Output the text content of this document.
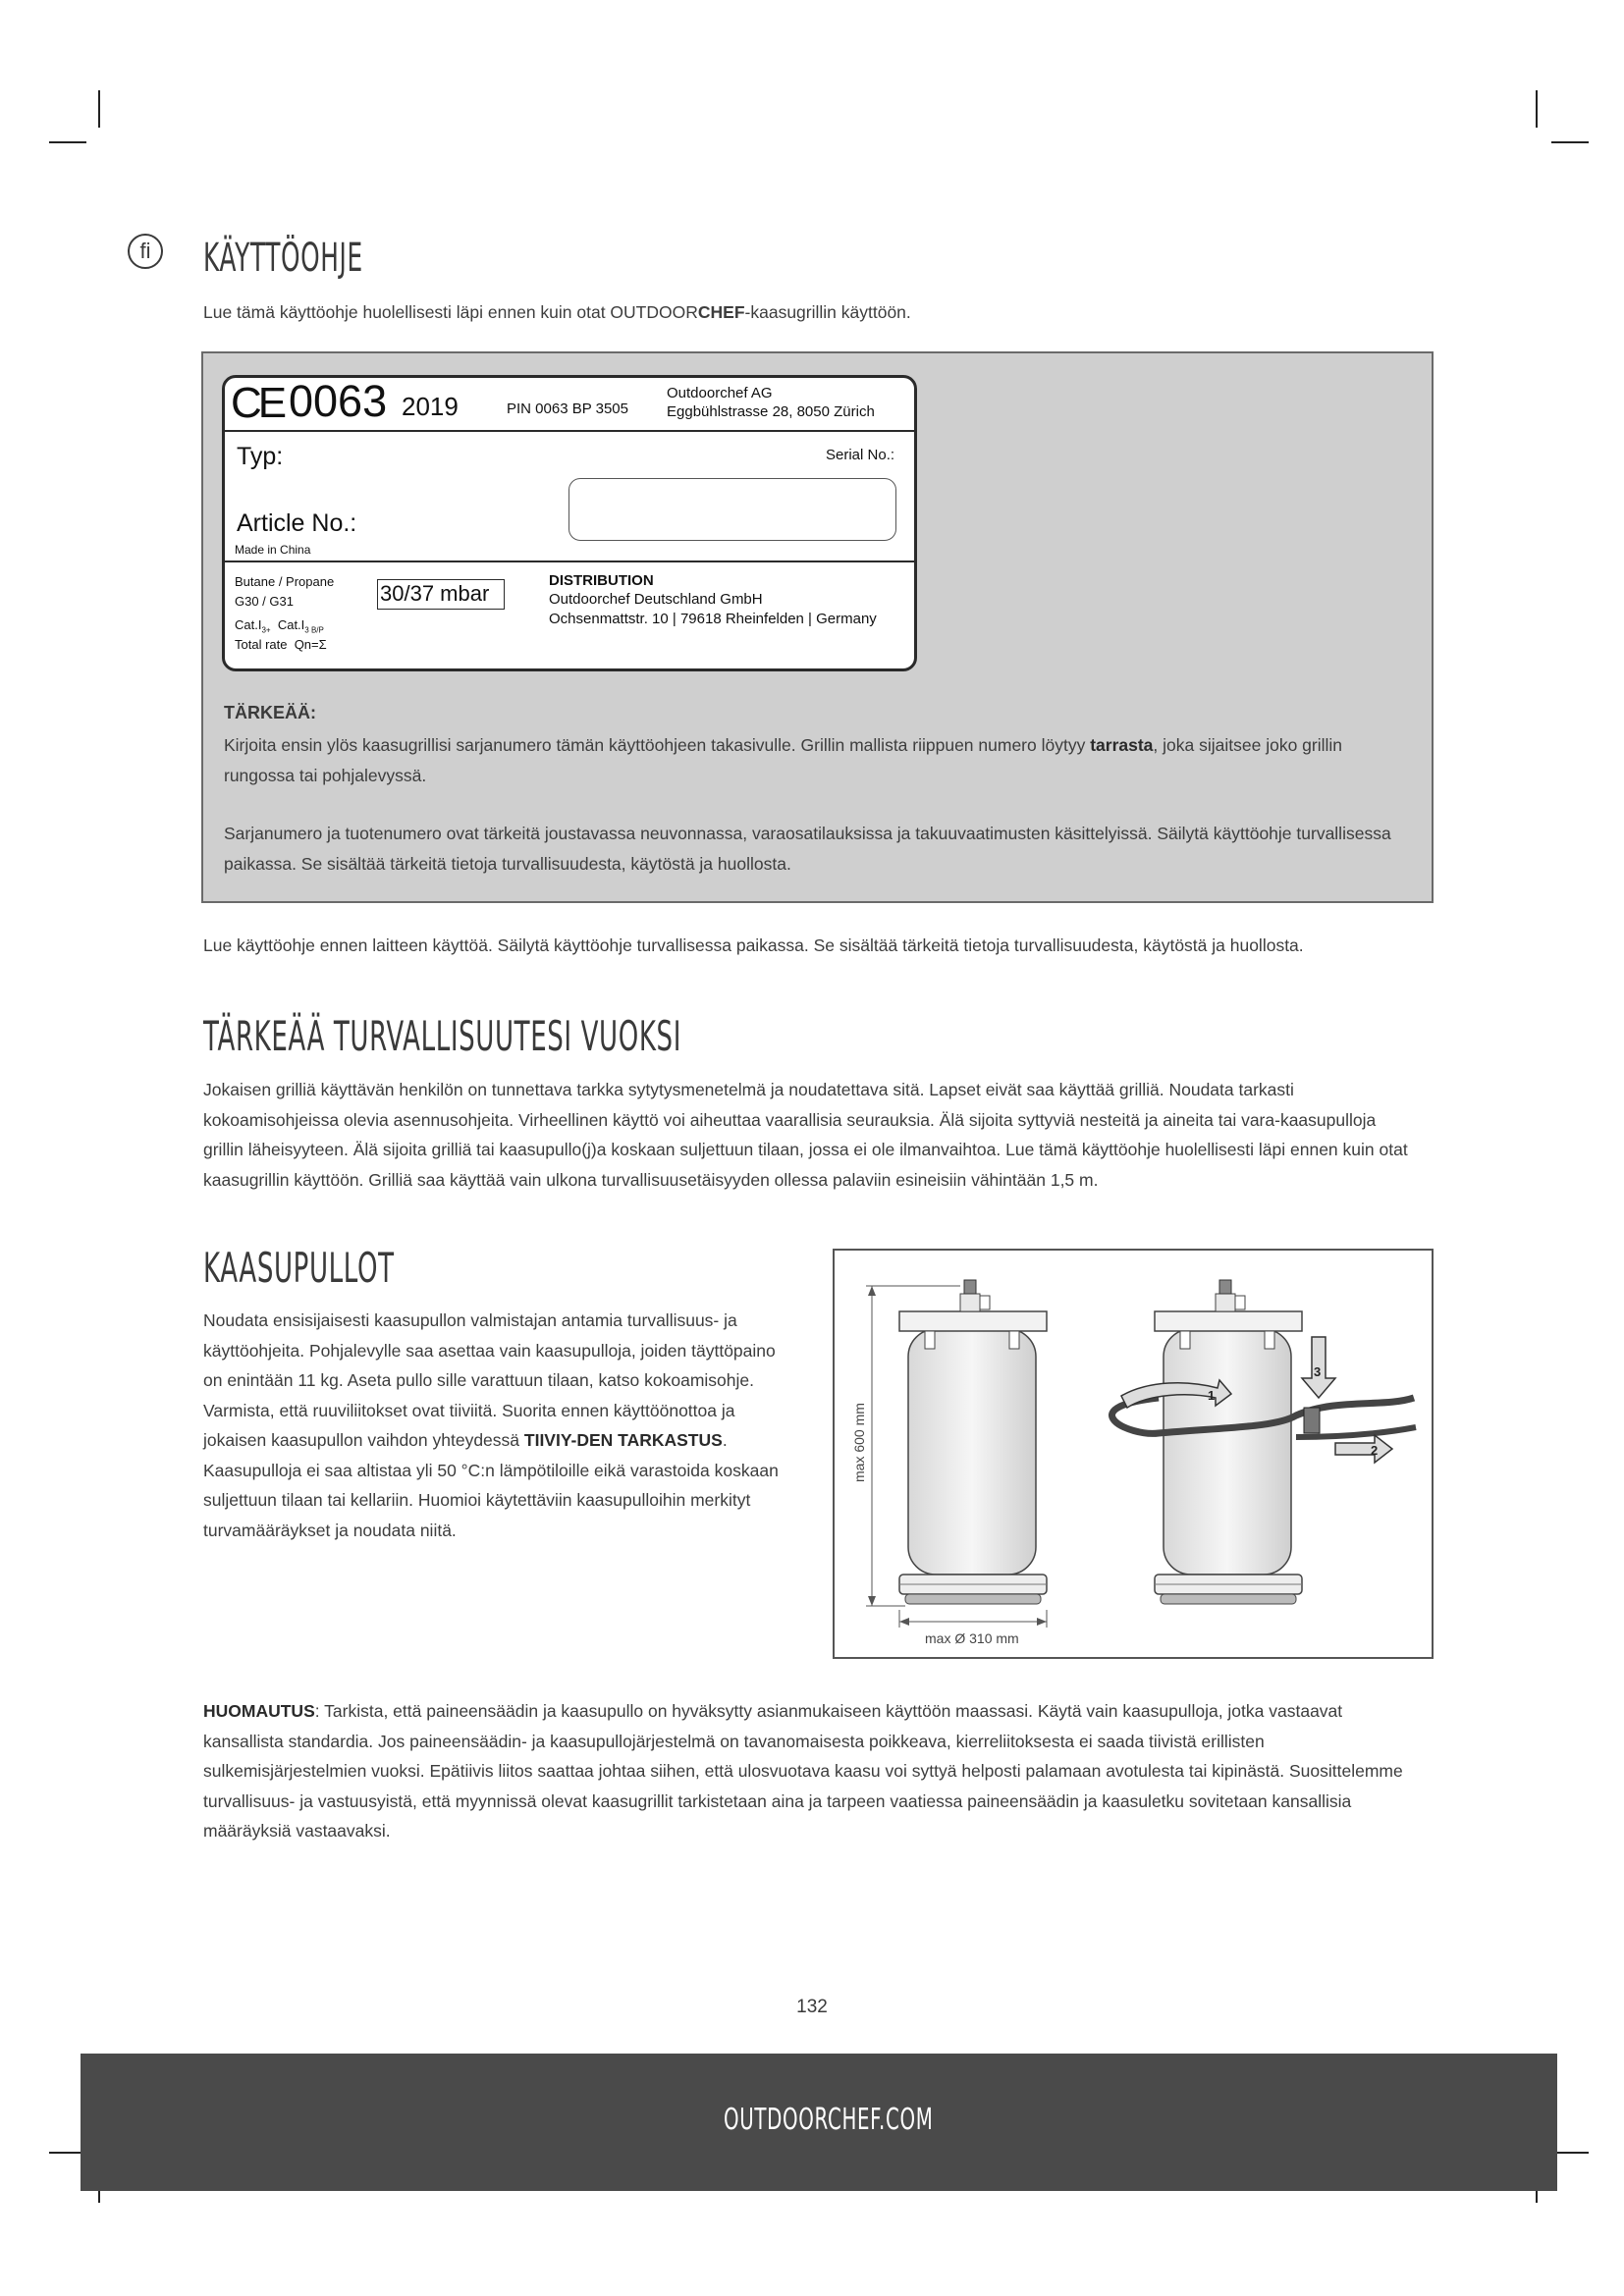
fi KÄYTTÖOHJE
Lue tämä käyttöohje huolellisesti läpi ennen kuin otat OUTDOORCHEF-kaasugrillin käyttöön.
CE 0063 2019	PIN 0063 BP 3505
Outdoorchef AG
Eggbühlstrasse 28, 8050 Zürich
Typ:	Serial No.:
Article No.:
Made in China
Butane / Propane
G30 / G31
$Cat.I_{3+}$ $Cat.I_{3 B/P}$
Total rate  Qn=Σ
30/37 mbar
DISTRIBUTION
Outdoorchef Deutschland GmbH
Ochsenmattstr. 10 | 79618 Rheinfelden | Germany
TÄRKEÄÄ:
Kirjoita ensin ylös kaasugrillisi sarjanumero tämän käyttöohjeen takasivulle. Grillin mallista riippuen numero löytyy tarrasta, joka sijaitsee joko grillin rungossa tai pohjalevyssä.
Sarjanumero ja tuotenumero ovat tärkeitä joustavassa neuvonnassa, varaosatilauksissa ja takuuvaatimusten käsittelyissä. Säilytä käyttöohje turvallisessa paikassa. Se sisältää tärkeitä tietoja turvallisuudesta, käytöstä ja huollosta.
Lue käyttöohje ennen laitteen käyttöä. Säilytä käyttöohje turvallisessa paikassa. Se sisältää tärkeitä tietoja turvallisuudesta, käytöstä ja huollosta.
TÄRKEÄÄ TURVALLISUUTESI VUOKSI
Jokaisen grilliä käyttävän henkilön on tunnettava tarkka sytytysmenetelmä ja noudatettava sitä. Lapset eivät saa käyttää grilliä. Noudata tarkasti kokoamisohjeissa olevia asennusohjeita. Virheellinen käyttö voi aiheuttaa vaarallisia seurauksia. Älä sijoita syttyviä nesteitä ja aineita tai vara-kaasupulloja grillin läheisyyteen. Älä sijoita grilliä tai kaasupullo(j)a koskaan suljettuun tilaan, jossa ei ole ilmanvaihtoa. Lue tämä käyttöohje huolellisesti läpi ennen kuin otat kaasugrillin käyttöön. Grilliä saa käyttää vain ulkona turvallisuusetäisyyden ollessa palaviin esineisiin vähintään 1,5 m.
KAASUPULLOT
Noudata ensisijaisesti kaasupullon valmistajan antamia turvallisuus- ja käyttöohjeita. Pohjalevylle saa asettaa vain kaasupulloja, joiden täyttöpaino on enintään 11 kg. Aseta pullo sille varattuun tilaan, katso kokoamisohje. Varmista, että ruuviliitokset ovat tiiviitä. Suorita ennen käyttöönottoa ja jokaisen kaasupullon vaihdon yhteydessä TIIVIY-DEN TARKASTUS. Kaasupulloja ei saa altistaa yli 50 °C:n lämpötiloille eikä varastoida koskaan suljettuun tilaan tai kellariin. Huomioi käytettäviin kaasupulloihin merkityt turvamääräykset ja noudata niitä.
max 600 mm
max Ø 310 mm
1
3
2
HUOMAUTUS: Tarkista, että paineensäädin ja kaasupullo on hyväksytty asianmukaiseen käyttöön maassasi. Käytä vain kaasupulloja, jotka vastaavat kansallista standardia. Jos paineensäädin- ja kaasupullojärjestelmä on tavanomaisesta poikkeava, kierreliitoksesta ei saada tiivistä erillisten sulkemisjärjestelmien vuoksi. Epätiivis liitos saattaa johtaa siihen, että ulosvuotava kaasu voi syttyä helposti palamaan avotulesta tai kipinästä. Suosittelemme turvallisuus- ja vastuusyistä, että myynnissä olevat kaasugrillit tarkistetaan aina ja tarpeen vaatiessa paineensäädin ja kaasuletku sovitetaan kansallisia määräyksiä vastaavaksi.
132
OUTDOORCHEF.COM
